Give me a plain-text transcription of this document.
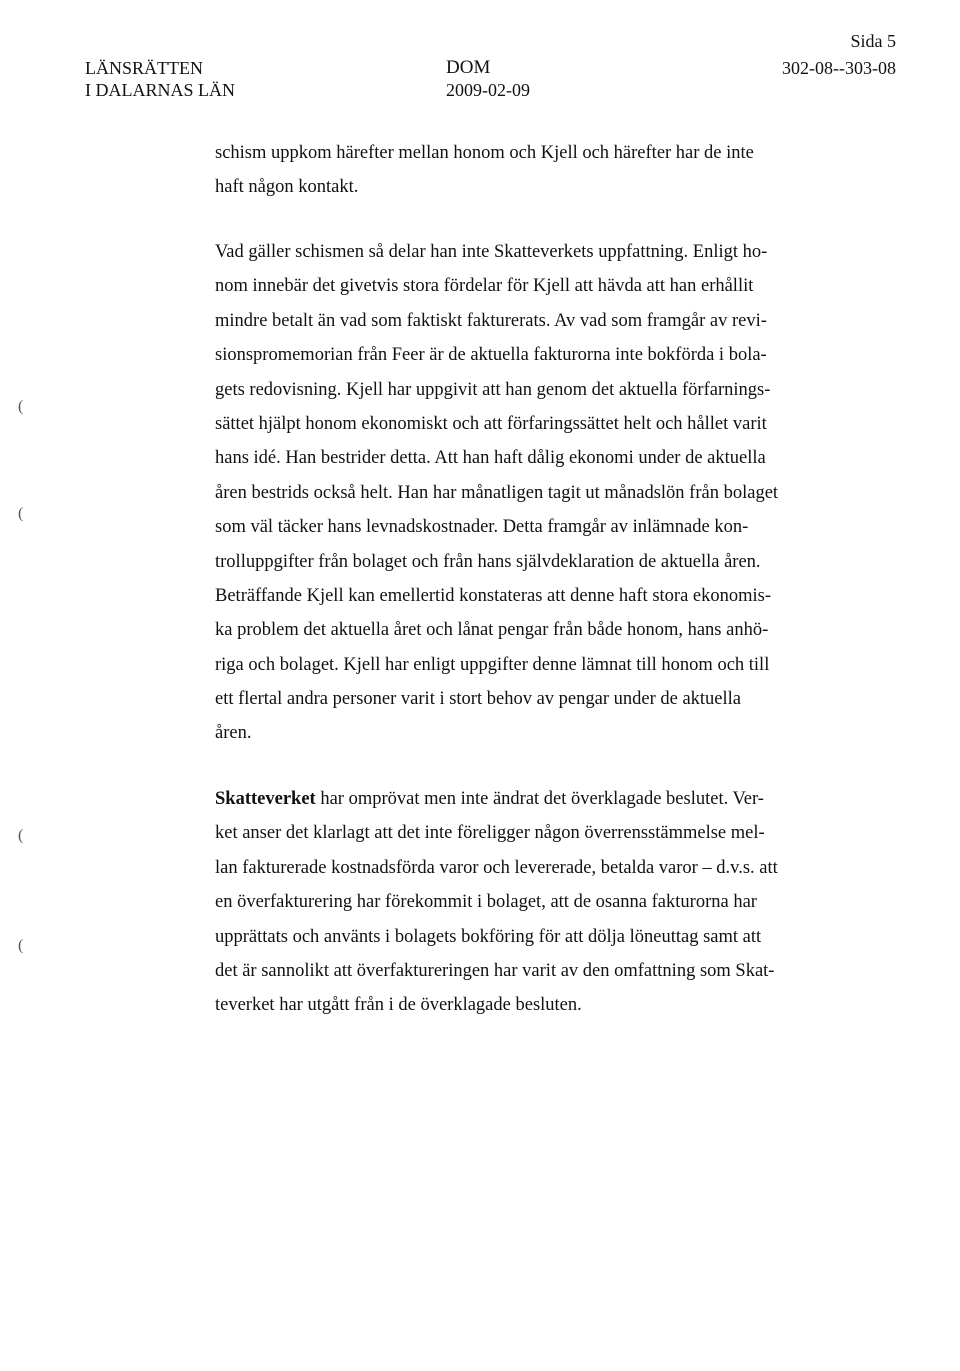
LÄNSRÄTTEN
I DALARNAS LÄN
DOM
2009-02-09
Sida 5
302-08--303-08
schism uppkom härefter mellan honom och Kjell och härefter har de inte
haft någon kontakt.
Vad gäller schismen så delar han inte Skatteverkets uppfattning. Enligt ho-
nom innebär det givetvis stora fördelar för Kjell att hävda att han erhållit
mindre betalt än vad som faktiskt fakturerats. Av vad som framgår av revi-
sionspromemorian från Feer är de aktuella fakturorna inte bokförda i bola-
gets redovisning. Kjell har uppgivit att han genom det aktuella förfarnings-
sättet hjälpt honom ekonomiskt och att förfaringssättet helt och hållet varit
hans idé. Han bestrider detta. Att han haft dålig ekonomi under de aktuella
åren bestrids också helt. Han har månatligen tagit ut månadslön från bolaget
som väl täcker hans levnadskostnader. Detta framgår av inlämnade kon-
trolluppgifter från bolaget och från hans självdeklaration de aktuella åren.
Beträffande Kjell kan emellertid konstateras att denne haft stora ekonomis-
ka problem det aktuella året och lånat pengar från både honom, hans anhö-
riga och bolaget. Kjell har enligt uppgifter denne lämnat till honom och till
ett flertal andra personer varit i stort behov av pengar under de aktuella
åren.
Skatteverket har omprövat men inte ändrat det överklagade beslutet. Ver-
ket anser det klarlagt att det inte föreligger någon överrensstämmelse mel-
lan fakturerade kostnadsförda varor och levererade, betalda varor – d.v.s. att
en överfakturering har förekommit i bolaget, att de osanna fakturorna har
upprättats och använts i bolagets bokföring för att dölja löneuttag samt att
det är sannolikt att överfaktureringen har varit av den omfattning som Skat-
teverket har utgått från i de överklagade besluten.
(
(
(
(
